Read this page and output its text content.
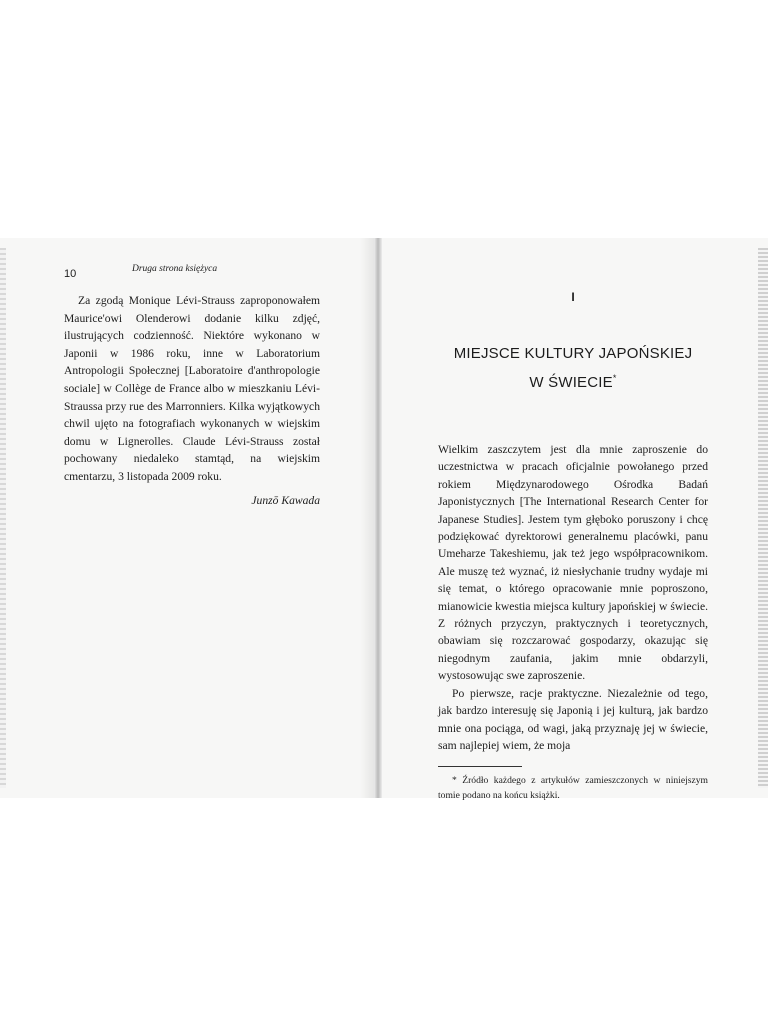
10	Druga strona księżyca

Za zgodą Monique Lévi-Strauss zaproponowałem Maurice'owi Olenderowi dodanie kilku zdjęć, ilustrujących codzienność. Niektóre wykonano w Japonii w 1986 roku, inne w Laboratorium Antropologii Społecznej [Laboratoire d'anthropologie sociale] w Collège de France albo w mieszkaniu Lévi-Straussa przy rue des Marronniers. Kilka wyjątkowych chwil ujęto na fotografiach wykonanych w wiejskim domu w Lignerolles. Claude Lévi-Strauss został pochowany niedaleko stamtąd, na wiejskim cmentarzu, 3 listopada 2009 roku.

Junzō Kawada
I
MIEJSCE KULTURY JAPOŃSKIEJ
W ŚWIECIE*

Wielkim zaszczytem jest dla mnie zaproszenie do uczestnictwa w pracach oficjalnie powołanego przed rokiem Międzynarodowego Ośrodka Badań Japonistycznych [The International Research Center for Japanese Studies]. Jestem tym głęboko poruszony i chcę podziękować dyrektorowi generalnemu placówki, panu Umeharze Takeshiemu, jak też jego współpracownikom. Ale muszę też wyznać, iż niesłychanie trudny wydaje mi się temat, o którego opracowanie mnie poproszono, mianowicie kwestia miejsca kultury japońskiej w świecie. Z różnych przyczyn, praktycznych i teoretycznych, obawiam się rozczarować gospodarzy, okazując się niegodnym zaufania, jakim mnie obdarzyli, wystosowując swe zaproszenie.

Po pierwsze, racje praktyczne. Niezależnie od tego, jak bardzo interesuję się Japonią i jej kulturą, jak bardzo mnie ona pociąga, od wagi, jaką przyznaję jej w świecie, sam najlepiej wiem, że moja

* Źródło każdego z artykułów zamieszczonych w niniejszym tomie podano na końcu książki.
